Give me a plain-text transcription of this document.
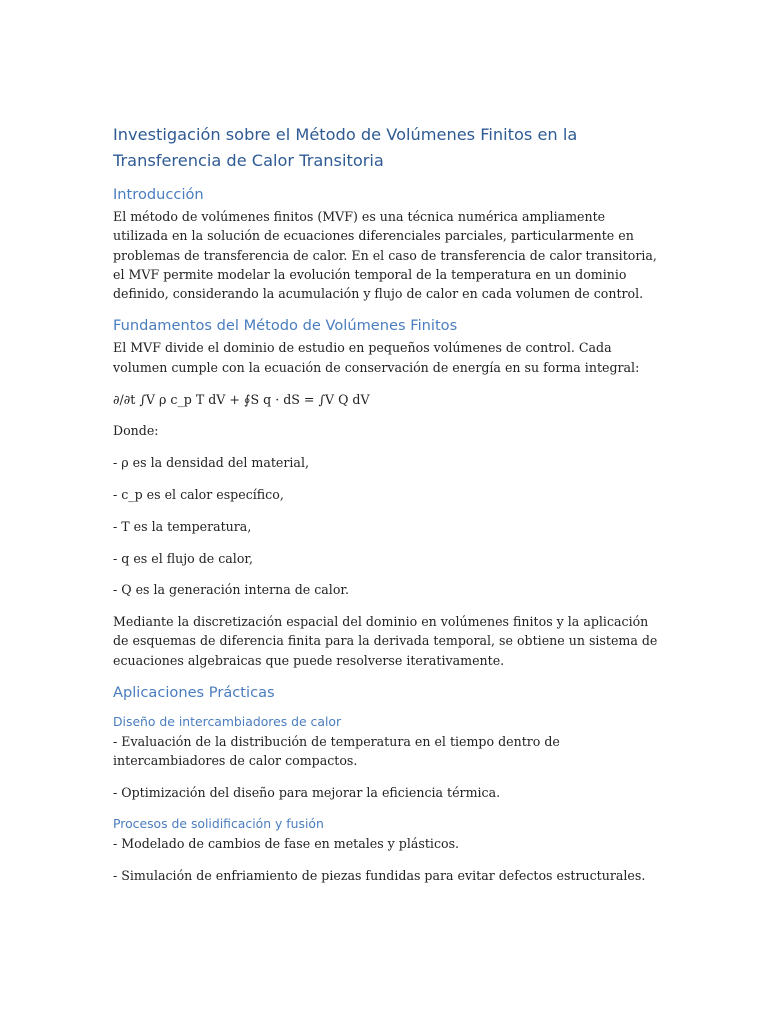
Investigación sobre el Método de Volúmenes Finitos en la Transferencia de Calor Transitoria
Introducción

El método de volúmenes finitos (MVF) es una técnica numérica ampliamente utilizada en la solución de ecuaciones diferenciales parciales, particularmente en problemas de transferencia de calor. En el caso de transferencia de calor transitoria, el MVF permite modelar la evolución temporal de la temperatura en un dominio definido, considerando la acumulación y flujo de calor en cada volumen de control.

Fundamentos del Método de Volúmenes Finitos

El MVF divide el dominio de estudio en pequeños volúmenes de control. Cada volumen cumple con la ecuación de conservación de energía en su forma integral:

∂/∂t ∫V ρ c_p T dV + ∮S q · dS = ∫V Q dV

Donde:

- ρ es la densidad del material,

- c_p es el calor específico,

- T es la temperatura,

- q es el flujo de calor,

- Q es la generación interna de calor.

Mediante la discretización espacial del dominio en volúmenes finitos y la aplicación de esquemas de diferencia finita para la derivada temporal, se obtiene un sistema de ecuaciones algebraicas que puede resolverse iterativamente.

Aplicaciones Prácticas
Diseño de intercambiadores de calor

- Evaluación de la distribución de temperatura en el tiempo dentro de intercambiadores de calor compactos.

- Optimización del diseño para mejorar la eficiencia térmica.

Procesos de solidificación y fusión

- Modelado de cambios de fase en metales y plásticos.

- Simulación de enfriamiento de piezas fundidas para evitar defectos estructurales.
